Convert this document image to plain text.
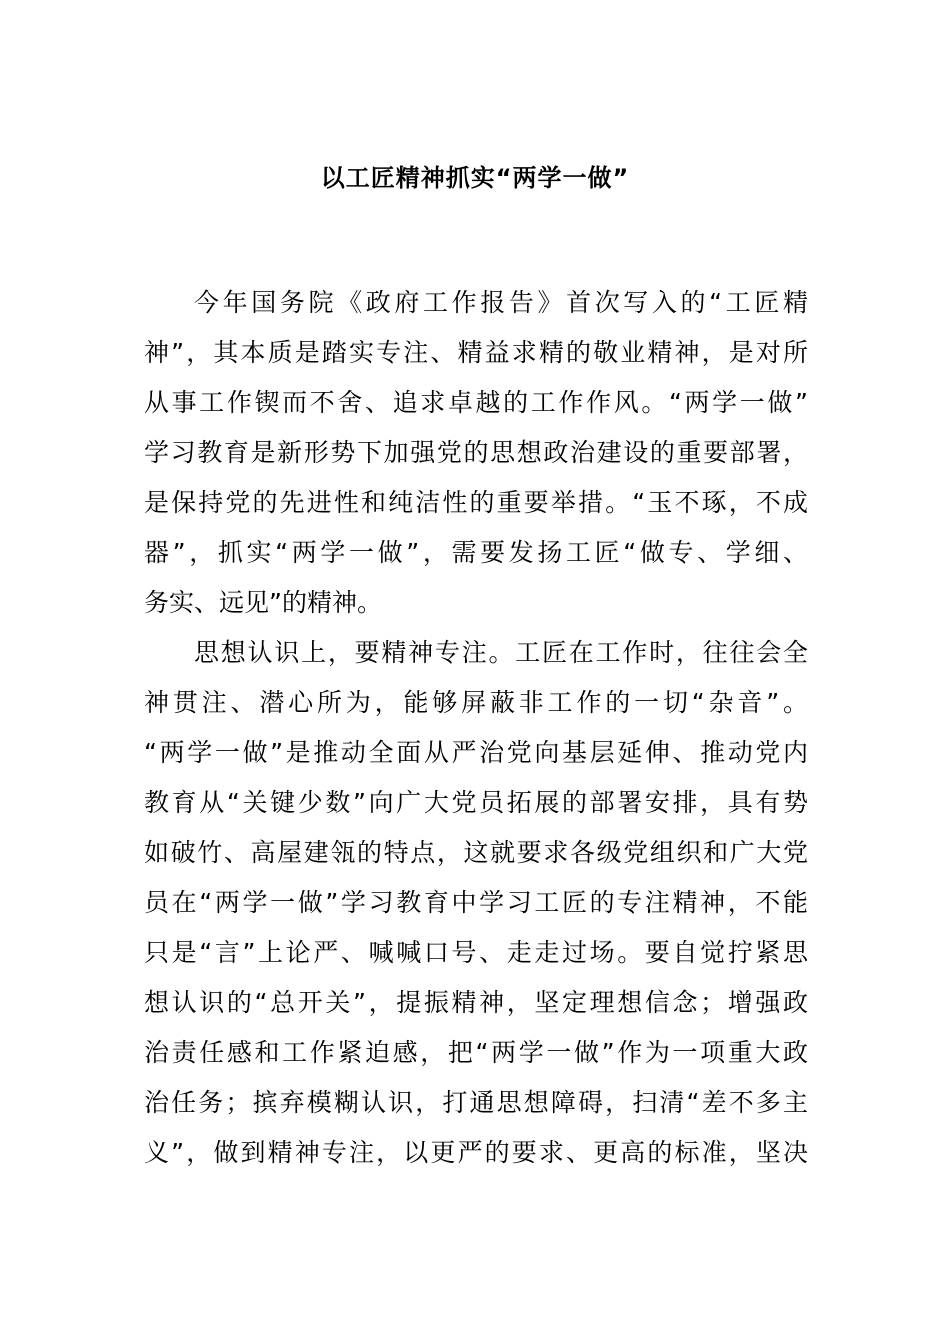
以工匠精神抓实“两学一做”
今年国务院《政府工作报告》首次写入的“工匠精
神”，其本质是踏实专注、精益求精的敬业精神，是对所
从事工作锲而不舍、追求卓越的工作作风。“两学一做”
学习教育是新形势下加强党的思想政治建设的重要部署，
是保持党的先进性和纯洁性的重要举措。“玉不琢，不成
器”，抓实“两学一做”，需要发扬工匠“做专、学细、
务实、远见”的精神。
思想认识上，要精神专注。工匠在工作时，往往会全
神贯注、潜心所为，能够屏蔽非工作的一切“杂音”。
“两学一做”是推动全面从严治党向基层延伸、推动党内
教育从“关键少数”向广大党员拓展的部署安排，具有势
如破竹、高屋建瓴的特点，这就要求各级党组织和广大党
员在“两学一做”学习教育中学习工匠的专注精神，不能
只是“言”上论严、喊喊口号、走走过场。要自觉拧紧思
想认识的“总开关”，提振精神，坚定理想信念；增强政
治责任感和工作紧迫感，把“两学一做”作为一项重大政
治任务；摈弃模糊认识，打通思想障碍，扫清“差不多主
义”，做到精神专注，以更严的要求、更高的标准，坚决
